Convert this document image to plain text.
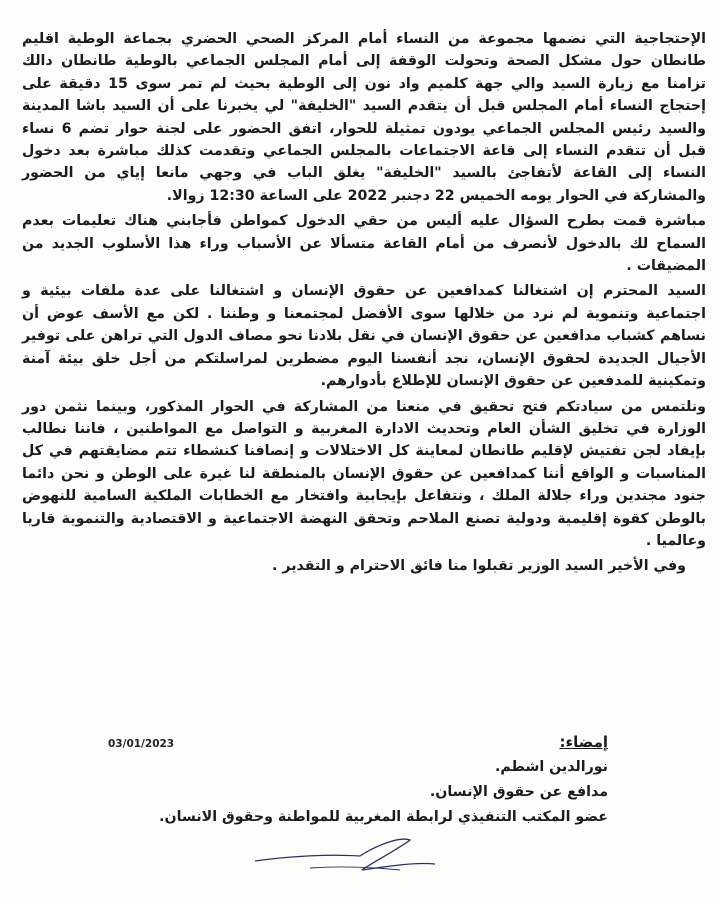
الإحتجاجية التي نضمها مجموعة من النساء أمام المركز الصحي الحضري بجماعة الوطية اقليم طانطان حول مشكل الصحة وتحولت الوقفة إلى أمام المجلس الجماعي بالوطية طانطان دالك تزامنا مع زيارة السيد والي جهة كلميم واد نون إلى الوطية بحيث لم تمر سوى 15 دقيقة على إحتجاج النساء أمام المجلس قبل أن يتقدم السيد "الخليفة" لي يخبرنا على أن السيد باشا المدينة والسيد رئيس المجلس الجماعي يودون تمثيلة للحوار، اتفق الحضور على لجنة حوار تضم 6 نساء قبل أن تتقدم النساء إلى قاعة الاجتماعات بالمجلس الجماعي وتقدمت كذلك مباشرة بعد دخول النساء إلى القاعة لأتفاجئ بالسيد "الخليفة" يغلق الباب في وجهي مانعا إياي من الحضور والمشاركة في الحوار يومه الخميس 22 دجنبر 2022 على الساعة 12:30 زوالا.

مباشرة قمت بطرح السؤال عليه أليس من حقي الدخول كمواطن فأجابني هناك تعليمات بعدم السماح لك بالدخول لأنصرف من أمام القاعة متسألا عن الأسباب وراء هذا الأسلوب الجديد من المضيقات .

السيد المحترم إن اشتغالنا كمدافعين عن حقوق الإنسان و اشتغالنا على عدة ملفات بيئية و اجتماعية وتنموية لم نرد من خلالها سوى الأفضل لمجتمعنا و وطننا . لكن مع الأسف عوض أن نساهم كشباب مدافعين عن حقوق الإنسان في نقل بلادنا نحو مصاف الدول التي تراهن على توفير الأجيال الجديدة لحقوق الإنسان، نجد أنفسنا اليوم مضطرين لمراسلتكم من أجل خلق بيئة آمنة وتمكينية للمدفعين عن حقوق الإنسان للإطلاع بأدوارهم.

ونلتمس من سيادتكم فتح تحقيق في منعنا من المشاركة في الحوار المذكور، وبينما نثمن دور الوزارة في تخليق الشأن العام وتحديث الادارة المغربية و التواصل مع المواطنين ، فاننا نطالب بإيفاد لجن تفتيش لإقليم طانطان لمعاينة كل الاختلالات و إنصافنا كنشطاء تتم مضايقتهم في كل المناسبات و الواقع أننا كمدافعين عن حقوق الإنسان بالمنطقة لنا غيرة على الوطن و نحن دائما جنود مجندين وراء جلالة الملك ، ونتفاعل بإيجابية وافتخار مع الخطابات الملكية السامية للنهوض بالوطن كقوة إقليمية ودولية تصنع الملاحم وتحقق النهضة الاجتماعية و الاقتصادية والتنموية قاريا وعالميا .

وفي الأخير السيد الوزير تقبلوا منا فائق الاحترام و التقدير .

03/01/2023	إمضاء:
نورالدين اشطم.
مدافع عن حقوق الإنسان.
عضو المكتب التنفيذي لرابطة المغربية للمواطنة وحقوق الانسان.
